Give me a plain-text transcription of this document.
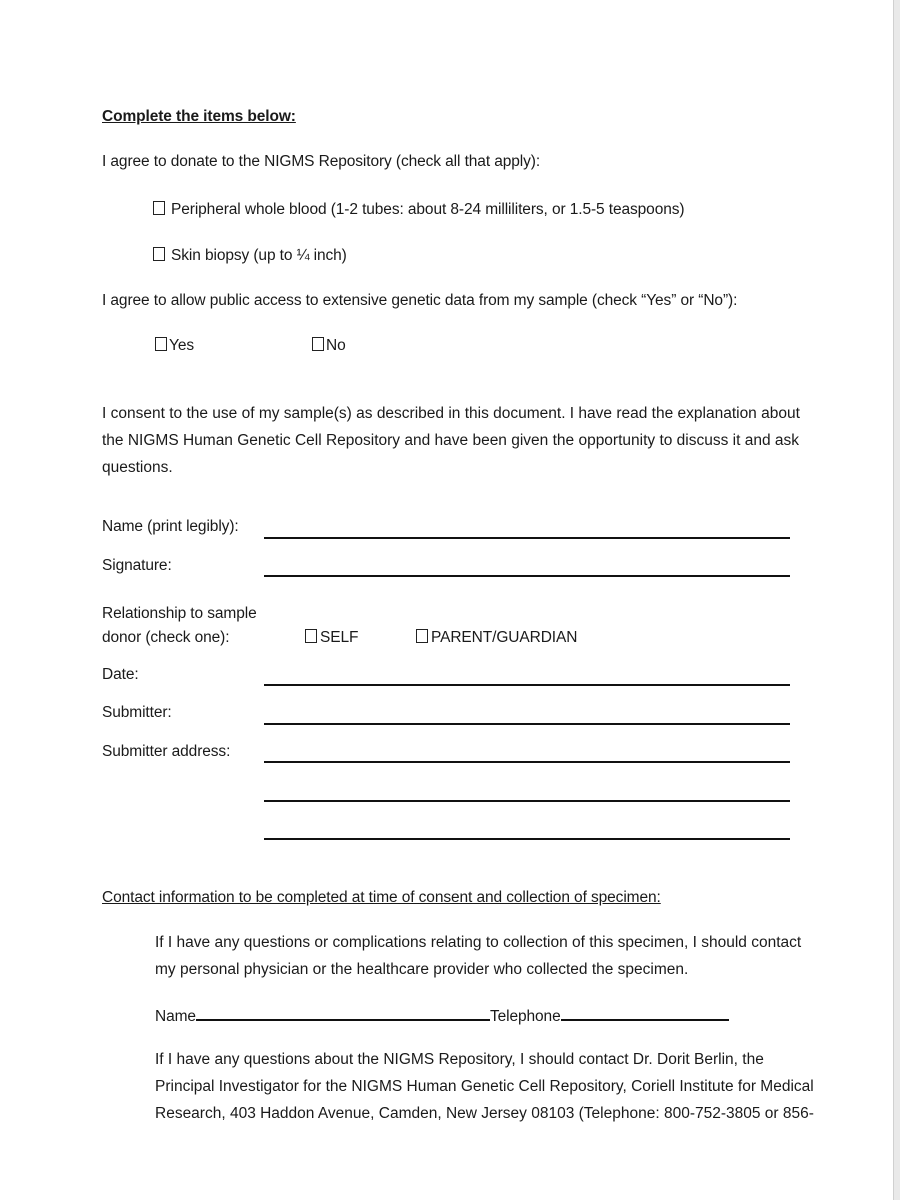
Complete the items below:
I agree to donate to the NIGMS Repository (check all that apply):
Peripheral whole blood (1-2 tubes: about 8-24 milliliters, or 1.5-5 teaspoons)
Skin biopsy (up to ¼ inch)
I agree to allow public access to extensive genetic data from my sample (check “Yes” or “No”):
Yes	No
I consent to the use of my sample(s) as described in this document. I have read the explanation about
the NIGMS Human Genetic Cell Repository and have been given the opportunity to discuss it and ask
questions.
Name (print legibly):
Signature:
Relationship to sample
donor (check one):	SELF	PARENT/GUARDIAN
Date:
Submitter:
Submitter address:
Contact information to be completed at time of consent and collection of specimen:
If I have any questions or complications relating to collection of this specimen, I should contact
my personal physician or the healthcare provider who collected the specimen.
Name	Telephone
If I have any questions about the NIGMS Repository, I should contact Dr. Dorit Berlin, the
Principal Investigator for the NIGMS Human Genetic Cell Repository, Coriell Institute for Medical
Research, 403 Haddon Avenue, Camden, New Jersey 08103 (Telephone: 800-752-3805 or 856-
